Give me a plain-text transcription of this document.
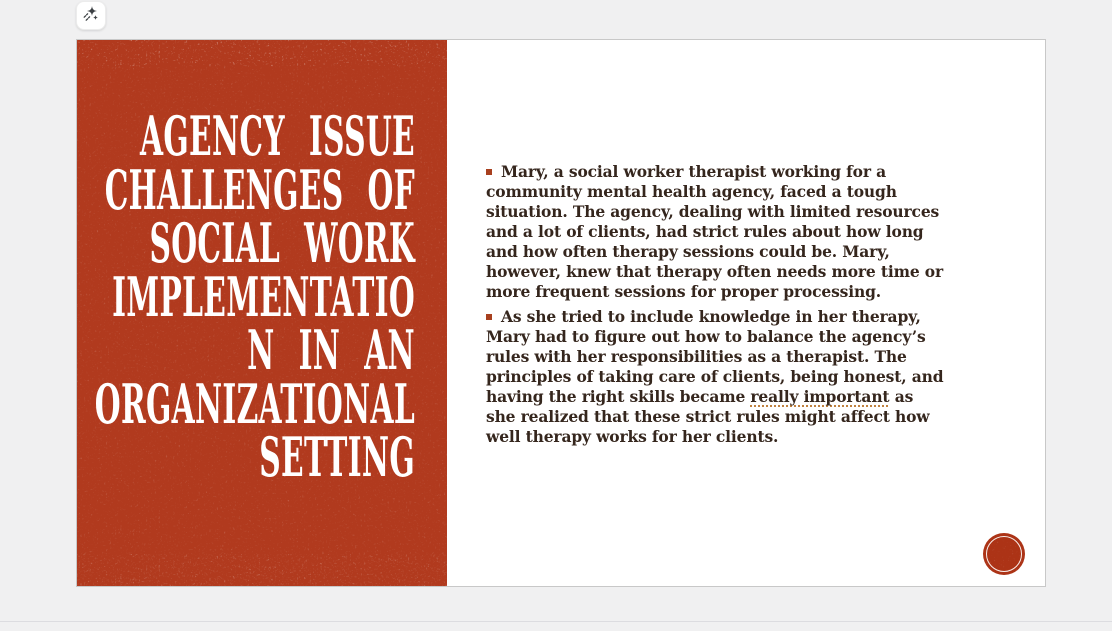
AGENCY ISSUE
CHALLENGES OF
SOCIAL WORK
IMPLEMENTATIO
N IN AN
ORGANIZATIONAL
SETTING

Mary, a social worker therapist working for a community mental health agency, faced a tough situation. The agency, dealing with limited resources and a lot of clients, had strict rules about how long and how often therapy sessions could be. Mary, however, knew that therapy often needs more time or more frequent sessions for proper processing.

As she tried to include knowledge in her therapy, Mary had to figure out how to balance the agency’s rules with her responsibilities as a therapist. The principles of taking care of clients, being honest, and having the right skills became really important as she realized that these strict rules might affect how well therapy works for her clients.
